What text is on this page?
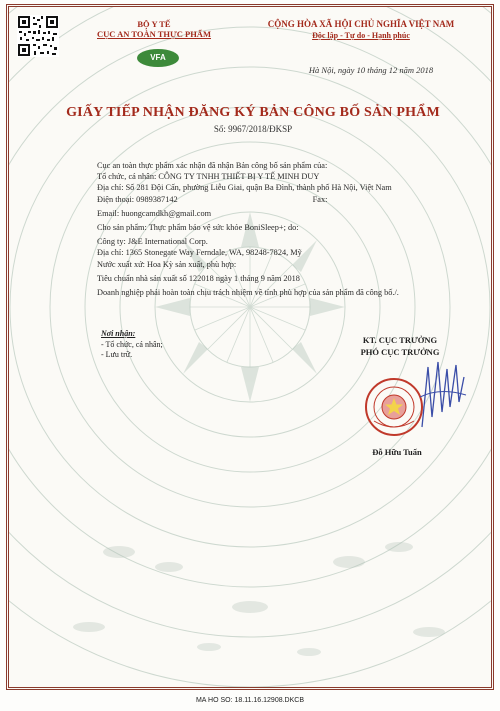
BỘ Y TẾ
CỤC AN TOÀN THỰC PHẨM
VFA
CỘNG HÒA XÃ HỘI CHỦ NGHĨA VIỆT NAM
Độc lập - Tự do - Hạnh phúc
Hà Nội, ngày 10 tháng 12 năm 2018
GIẤY TIẾP NHẬN ĐĂNG KÝ BẢN CÔNG BỐ SẢN PHẨM
Số: 9967/2018/ĐKSP
Cục an toàn thực phẩm xác nhận đã nhận Bản công bố sản phẩm của:
Tổ chức, cá nhân: CÔNG TY TNHH THIẾT BỊ Y TẾ MINH DUY
Địa chỉ: Số 281 Đội Cấn, phường Liễu Giai, quận Ba Đình, thành phố Hà Nội, Việt Nam
Điện thoại: 0989387142	Fax:
Email: huongcamdkh@gmail.com
Cho sản phẩm: Thực phẩm bảo vệ sức khỏe BoniSleep+; do:
Công ty: J&E International Corp.
Địa chỉ: 1365 Stonegate Way Ferndale, WA, 98248-7824, Mỹ
Nước xuất xứ: Hoa Kỳ sản xuất, phù hợp:
Tiêu chuẩn nhà sản xuất số 122018 ngày 1 tháng 9 năm 2018
Doanh nghiệp phải hoàn toàn chịu trách nhiệm về tính phù hợp của sản phẩm đã công bố./.
Nơi nhận:
- Tổ chức, cá nhân;
- Lưu trữ.
KT. CỤC TRƯỞNG
PHÓ CỤC TRƯỞNG
Đỗ Hữu Tuấn
MA HO SO: 18.11.16.12908.DKCB
